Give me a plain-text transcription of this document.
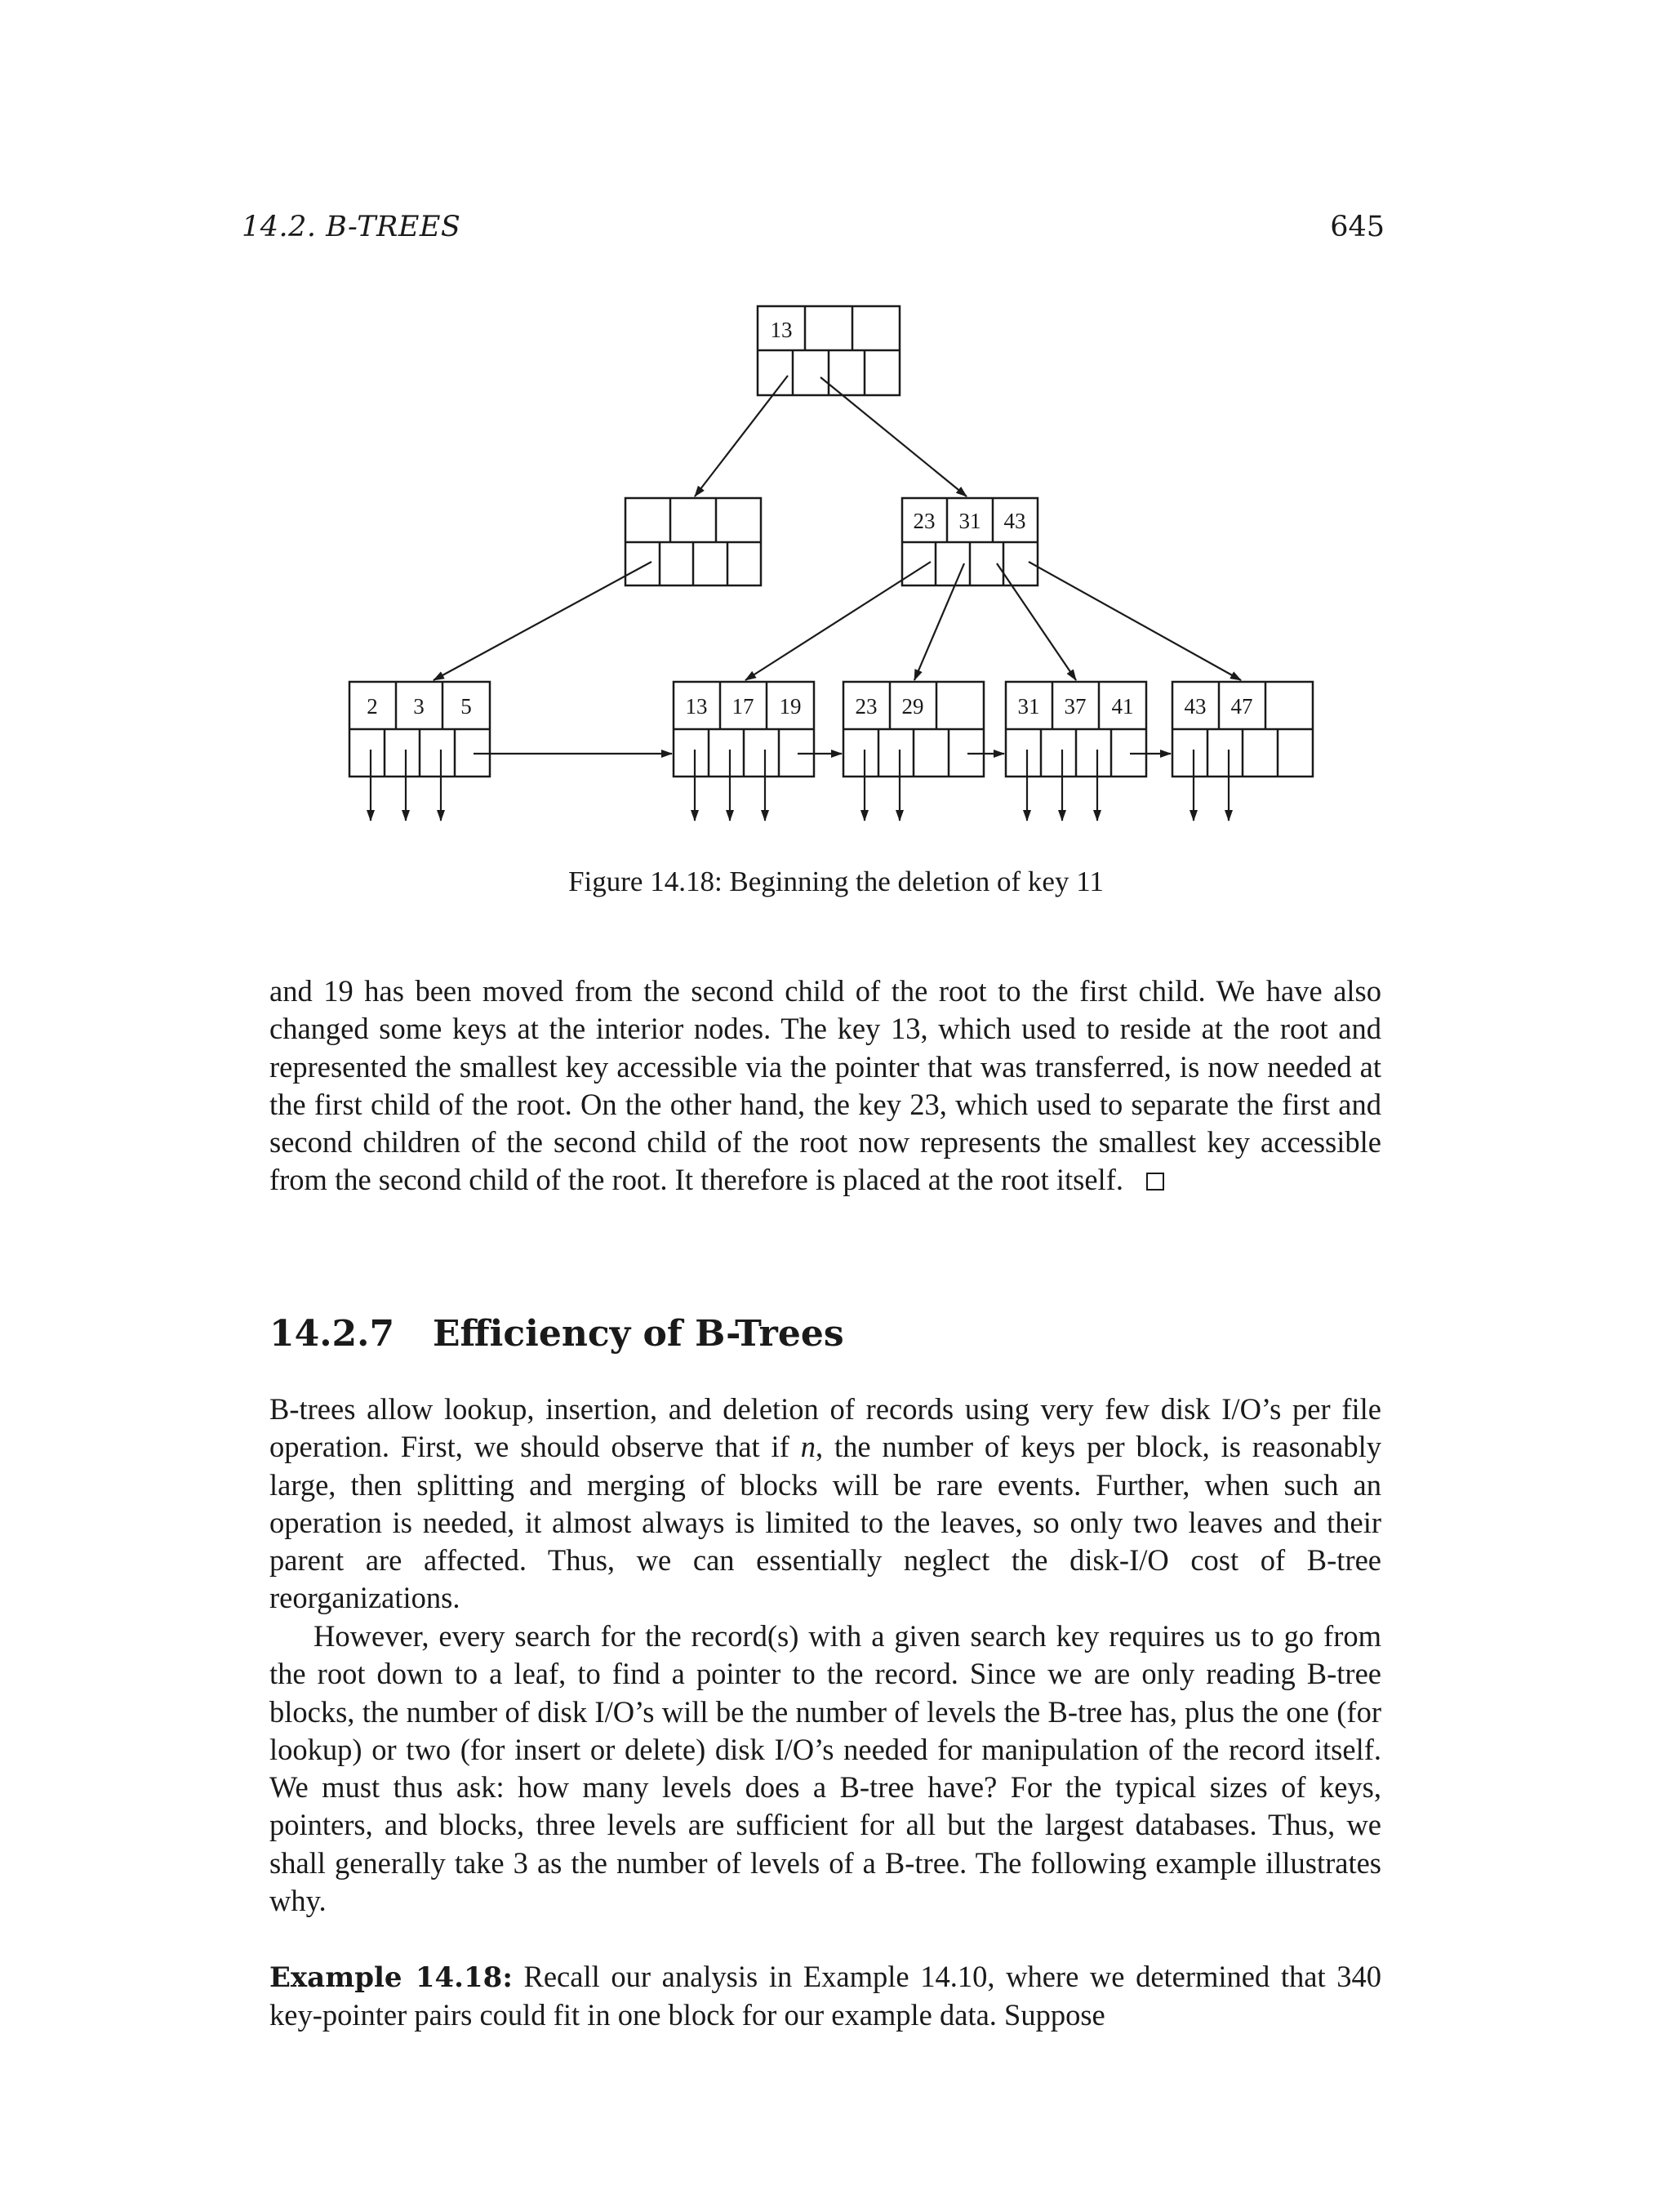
14.2. B-TREES	645
13
23 31 43
2 3 5	13 17 19 23 29	31 37 41 43 47
Figure 14.18: Beginning the deletion of key 11

and 19 has been moved from the second child of the root to the first child. We have also changed some keys at the interior nodes. The key 13, which used to reside at the root and represented the smallest key accessible via the pointer that was transferred, is now needed at the first child of the root. On the other hand, the key 23, which used to separate the first and second children of the second child of the root now represents the smallest key accessible from the second child of the root. It therefore is placed at the root itself.

14.2.7 Efficiency of B-Trees

B-trees allow lookup, insertion, and deletion of records using very few disk I/O’s per file operation. First, we should observe that if n, the number of keys per block, is reasonably large, then splitting and merging of blocks will be rare events. Further, when such an operation is needed, it almost always is limited to the leaves, so only two leaves and their parent are affected. Thus, we can essentially neglect the disk-I/O cost of B-tree reorganizations.

However, every search for the record(s) with a given search key requires us to go from the root down to a leaf, to find a pointer to the record. Since we are only reading B-tree blocks, the number of disk I/O’s will be the number of levels the B-tree has, plus the one (for lookup) or two (for insert or delete) disk I/O’s needed for manipulation of the record itself. We must thus ask: how many levels does a B-tree have? For the typical sizes of keys, pointers, and blocks, three levels are sufficient for all but the largest databases. Thus, we shall generally take 3 as the number of levels of a B-tree. The following example illustrates why.

Example 14.18: Recall our analysis in Example 14.10, where we determined that 340 key-pointer pairs could fit in one block for our example data. Suppose
